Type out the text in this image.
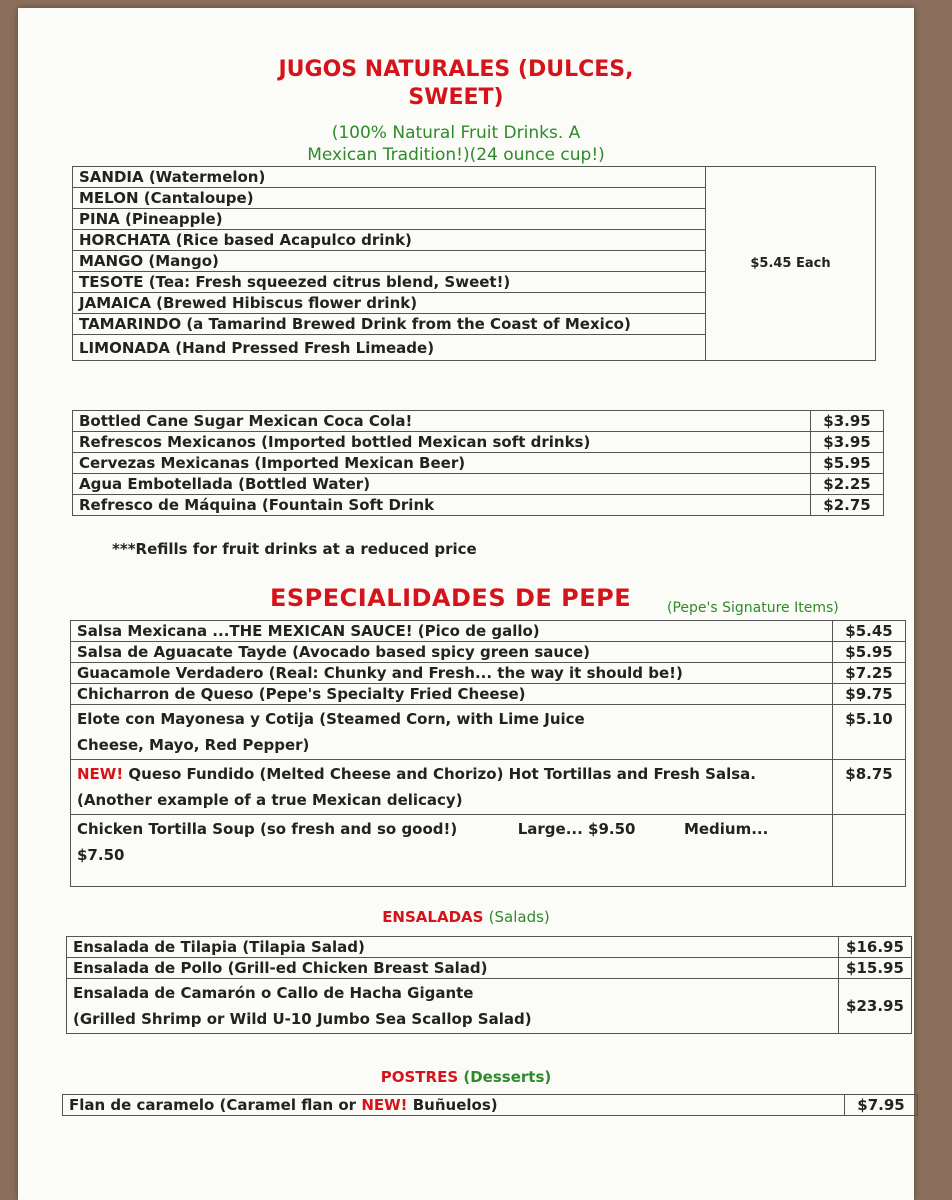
JUGOS NATURALES (DULCES,
SWEET)
(100% Natural Fruit Drinks. A
Mexican Tradition!)(24 ounce cup!)
SANDIA (Watermelon)	$5.45 Each
MELON (Cantaloupe)
PINA (Pineapple)
HORCHATA (Rice based Acapulco drink)
MANGO (Mango)
TESOTE (Tea: Fresh squeezed citrus blend, Sweet!)
JAMAICA (Brewed Hibiscus flower drink)
TAMARINDO (a Tamarind Brewed Drink from the Coast of Mexico)
LIMONADA (Hand Pressed Fresh Limeade)
Bottled Cane Sugar Mexican Coca Cola!	$3.95
Refrescos Mexicanos (Imported bottled Mexican soft drinks)	$3.95
Cervezas Mexicanas (Imported Mexican Beer)	$5.95
Agua Embotellada (Bottled Water)	$2.25
Refresco de Máquina (Fountain Soft Drink	$2.75
***Refills for fruit drinks at a reduced price
ESPECIALIDADES DE PEPE	(Pepe's Signature Items)
Salsa Mexicana ...THE MEXICAN SAUCE! (Pico de gallo)	$5.45
Salsa de Aguacate Tayde (Avocado based spicy green sauce)	$5.95
Guacamole Verdadero (Real: Chunky and Fresh... the way it should be!)	$7.25
Chicharron de Queso (Pepe's Specialty Fried Cheese)	$9.75

Elote con Mayonesa y Cotija (Steamed Corn, with Lime Juice
Cheese, Mayo, Red Pepper)	$5.10

NEW! Queso Fundido (Melted Cheese and Chorizo) Hot Tortillas and Fresh Salsa.
(Another example of a true Mexican delicacy)	$8.75

Chicken Tortilla Soup (so fresh and so good!) Large... $9.50 Medium...
$7.50	

ENSALADAS (Salads)
Ensalada de Tilapia (Tilapia Salad)	$16.95
Ensalada de Pollo (Grill-ed Chicken Breast Salad)	$15.95

Ensalada de Camarón o Callo de Hacha Gigante
(Grilled Shrimp or Wild U-10 Jumbo Sea Scallop Salad)	$23.95
POSTRES (Desserts)
Flan de caramelo (Caramel flan or NEW! Buñuelos)	$7.95
